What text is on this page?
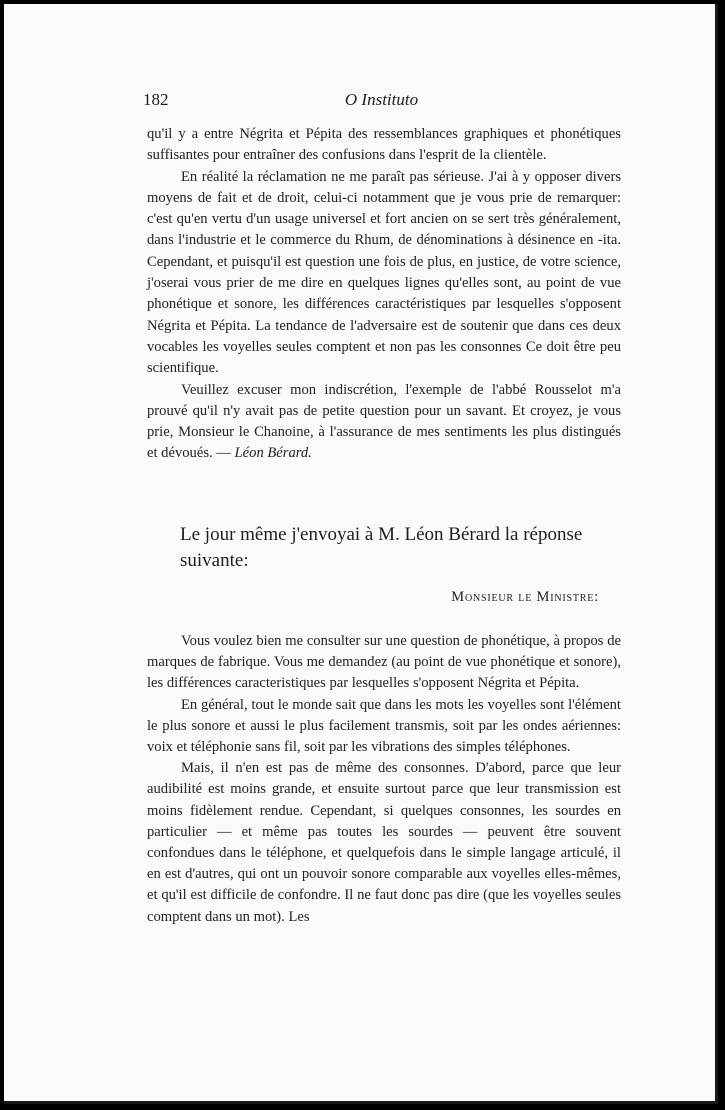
182	O Instituto

qu'il y a entre Négrita et Pépita des ressemblances graphiques et phonétiques suffisantes pour entraîner des confusions dans l'esprit de la clientèle.

En réalité la réclamation ne me paraît pas sérieuse. J'ai à y opposer divers moyens de fait et de droit, celui-ci notamment que je vous prie de remarquer: c'est qu'en vertu d'un usage universel et fort ancien on se sert très généralement, dans l'industrie et le commerce du Rhum, de dénominations à désinence en -ita. Cependant, et puisqu'il est question une fois de plus, en justice, de votre science, j'oserai vous prier de me dire en quelques lignes qu'elles sont, au point de vue phonétique et sonore, les différences caractéristiques par lesquelles s'opposent Négrita et Pépita. La tendance de l'adversaire est de soutenir que dans ces deux vocables les voyelles seules comptent et non pas les consonnes Ce doit être peu scientifique.

Veuillez excuser mon indiscrétion, l'exemple de l'abbé Rousselot m'a prouvé qu'il n'y avait pas de petite question pour un savant. Et croyez, je vous prie, Monsieur le Chanoine, à l'assurance de mes sentiments les plus distingués et dévoués. — Léon Bérard.

Le jour même j'envoyai à M. Léon Bérard la réponse
suivante:
Monsieur le Ministre:

Vous voulez bien me consulter sur une question de phonétique, à propos de marques de fabrique. Vous me demandez (au point de vue phonétique et sonore), les différences caracteristiques par lesquelles s'opposent Négrita et Pépita.

En général, tout le monde sait que dans les mots les voyelles sont l'élément le plus sonore et aussi le plus facilement transmis, soit par les ondes aériennes: voix et téléphonie sans fil, soit par les vibrations des simples téléphones.

Mais, il n'en est pas de même des consonnes. D'abord, parce que leur audibilité est moins grande, et ensuite surtout parce que leur transmission est moins fidèlement rendue. Cependant, si quelques consonnes, les sourdes en particulier — et même pas toutes les sourdes — peuvent être souvent confondues dans le téléphone, et quelquefois dans le simple langage articulé, il en est d'autres, qui ont un pouvoir sonore comparable aux voyelles elles-mêmes, et qu'il est difficile de confondre. Il ne faut donc pas dire (que les voyelles seules comptent dans un mot). Les
